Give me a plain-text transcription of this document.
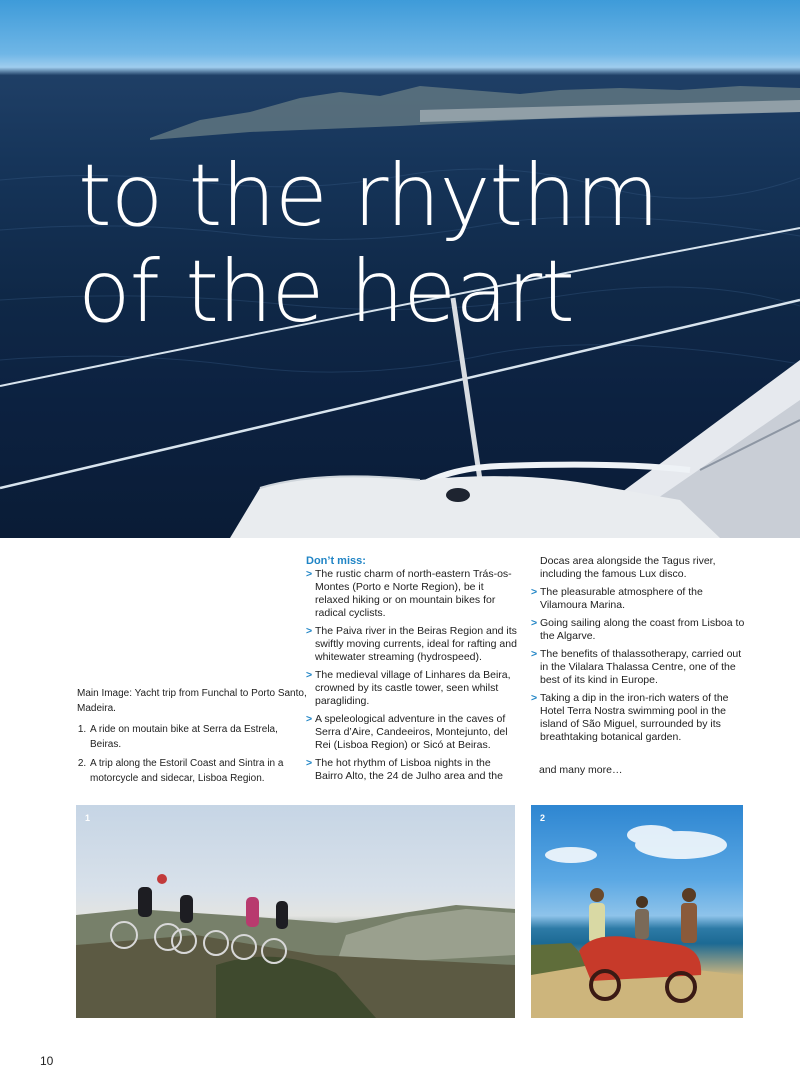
to the rhythm
of the heart

Main Image: Yacht trip from Funchal to Porto Santo, Madeira.

1. A ride on moutain bike at Serra da Estrela, Beiras.
2. A trip along the Estoril Coast and Sintra in a motorcycle and sidecar, Lisboa Region.

Don’t miss:

> The rustic charm of north-eastern Trás-os-Montes (Porto e Norte Region), be it relaxed hiking or on mountain bikes for radical cyclists.
> The Paiva river in the Beiras Region and its swiftly moving currents, ideal for rafting and whitewater streaming (hydrospeed).
> The medieval village of Linhares da Beira, crowned by its castle tower, seen whilst paragliding.
> A speleological adventure in the caves of Serra d’Aire, Candeeiros, Montejunto, del Rei (Lisboa Region) or Sicó at Beiras.
> The hot rhythm of Lisboa nights in the Bairro Alto, the 24 de Julho area and the
Docas area alongside the Tagus river, including the famous Lux disco.
> The pleasurable atmosphere of the Vilamoura Marina.
> Going sailing along the coast from Lisboa to the Algarve.
> The benefits of thalassotherapy, carried out in the Vilalara Thalassa Centre, one of the best of its kind in Europe.
> Taking a dip in the iron-rich waters of the Hotel Terra Nostra swimming pool in the island of São Miguel, surrounded by its breathtaking botanical garden.
and many more…
1	2
10
